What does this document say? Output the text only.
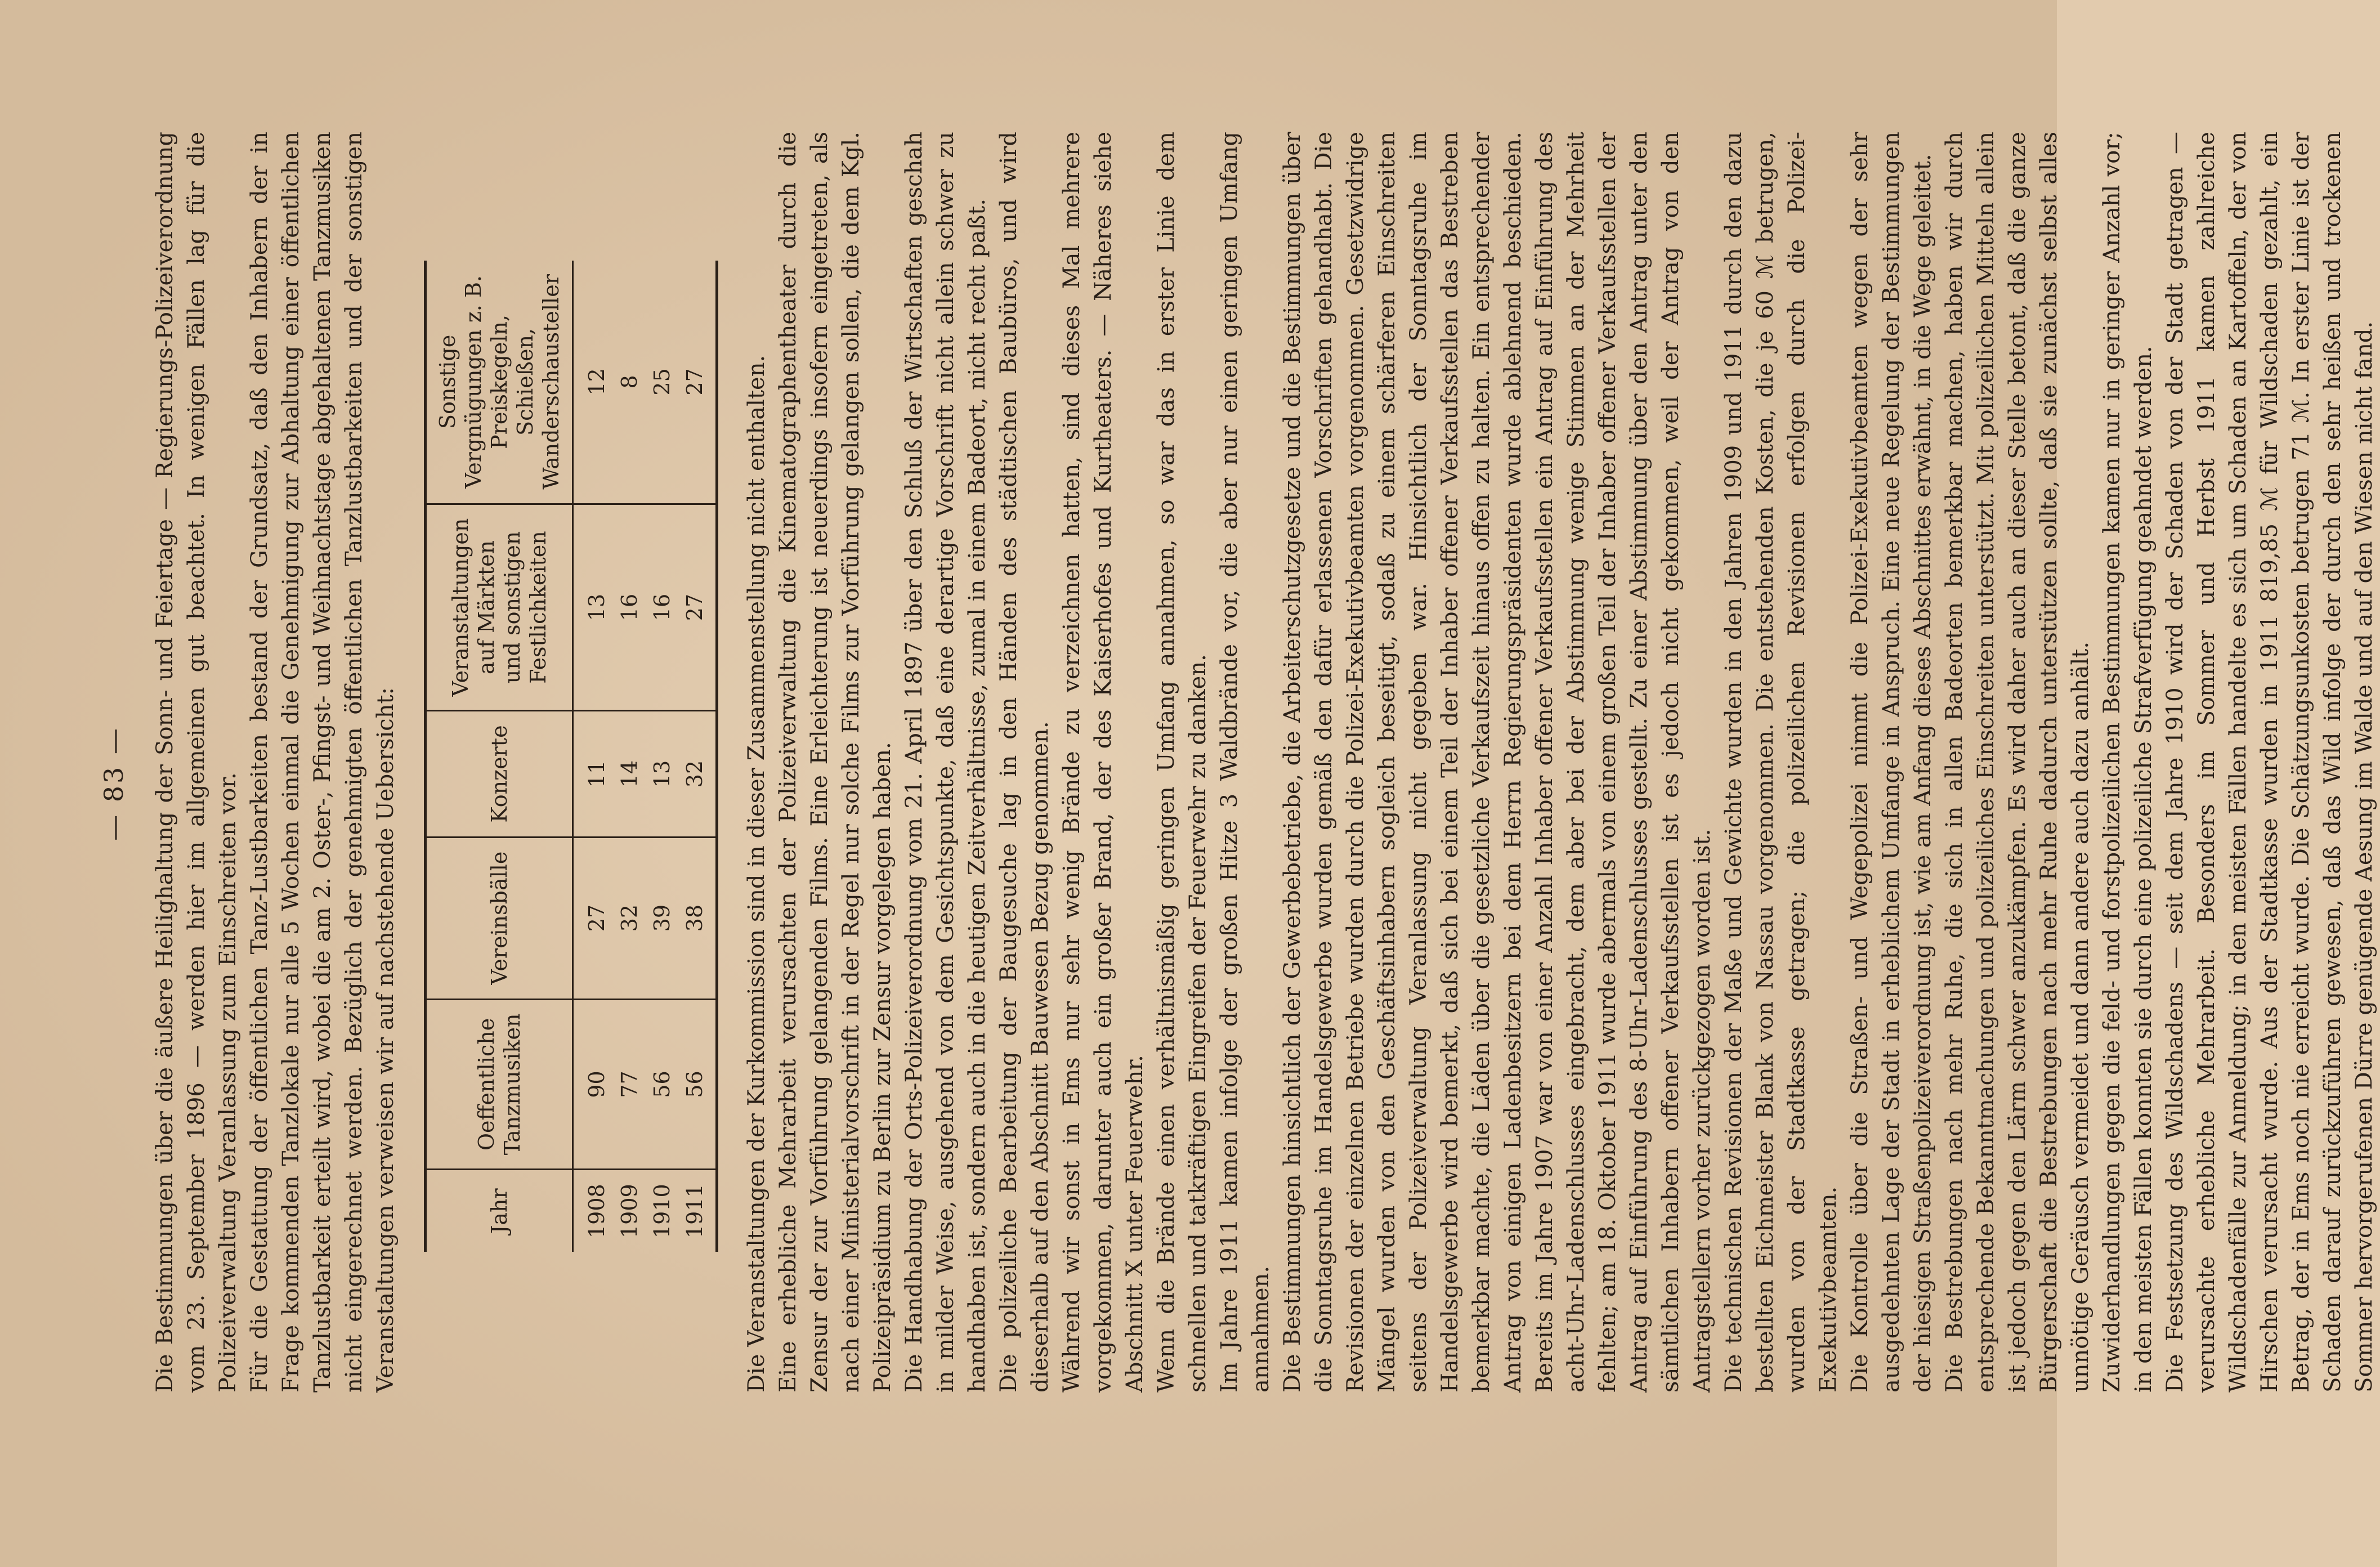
— 83 — Die Bestimmungen über die äußere Heilighaltung der Sonn- und Feiertage — Regierungs-Polizeiverordnung vom 23. September 1896 — werden hier im allgemeinen gut beachtet. In wenigen Fällen lag für die Polizeiverwaltung Veranlassung zum Einschreiten vor. Für die Gestattung der öffentlichen Tanz-Lustbarkeiten bestand der Grundsatz, daß den Inhabern der in Frage kommenden Tanzlokale nur alle 5 Wochen einmal die Genehmigung zur Abhaltung einer öffentlichen Tanzlustbarkeit erteilt wird, wobei die am 2. Oster-, Pfingst- und Weihnachtstage abgehaltenen Tanzmusiken nicht eingerechnet werden. Bezüglich der genehmigten öffentlichen Tanzlustbarkeiten und der sonstigen Veranstaltungen verweisen wir auf nachstehende Uebersicht:	Jahr	Oeffentliche Tanzmusiken	Vereinsbälle	Konzerte	Veranstaltungen auf Märkten und sonstigen Festlichkeiten	Sonstige Vergnügungen z. B. Preiskegeln, Schießen, Wanderschausteller
1908	90	27	11	13	12
1909	77	32	14	16	8
1910	56	39	13	16	25
1911	56	38	32	27	27 Die Veranstaltungen der Kurkommission sind in dieser Zusammenstellung nicht enthalten. Eine erhebliche Mehrarbeit verursachten der Polizeiverwaltung die Kinematographentheater durch die Zensur der zur Vorführung gelangenden Films. Eine Erleichterung ist neuerdings insofern eingetreten, als nach einer Ministerialvorschrift in der Regel nur solche Films zur Vorführung gelangen sollen, die dem Kgl. Polizeipräsidium zu Berlin zur Zensur vorgelegen haben. Die Handhabung der Orts-Polizeiverordnung vom 21. April 1897 über den Schluß der Wirtschaften geschah in milder Weise, ausgehend von dem Gesichtspunkte, daß eine derartige Vorschrift nicht allein schwer zu handhaben ist, sondern auch in die heutigen Zeitverhältnisse, zumal in einem Badeort, nicht recht paßt. Die polizeiliche Bearbeitung der Baugesuche lag in den Händen des städtischen Baubüros, und wird dieserhalb auf den Abschnitt Bauwesen Bezug genommen. Während wir sonst in Ems nur sehr wenig Brände zu verzeichnen hatten, sind dieses Mal mehrere vorgekommen, darunter auch ein großer Brand, der des Kaiserhofes und Kurtheaters. — Näheres siehe Abschnitt X unter Feuerwehr. Wenn die Brände einen verhältnismäßig geringen Umfang annahmen, so war das in erster Linie dem schnellen und tatkräftigen Eingreifen der Feuerwehr zu danken. Im Jahre 1911 kamen infolge der großen Hitze 3 Waldbrände vor, die aber nur einen geringen Umfang annahmen. Die Bestimmungen hinsichtlich der Gewerbebetriebe, die Arbeiterschutzgesetze und die Bestimmungen über die Sonntagsruhe im Handelsgewerbe wurden gemäß den dafür erlassenen Vorschriften gehandhabt. Die Revisionen der einzelnen Betriebe wurden durch die Polizei-Exekutivbeamten vorgenommen. Gesetzwidrige Mängel wurden von den Geschäftsinhabern sogleich beseitigt, sodaß zu einem schärferen Einschreiten seitens der Polizeiverwaltung Veranlassung nicht gegeben war. Hinsichtlich der Sonntagsruhe im Handelsgewerbe wird bemerkt, daß sich bei einem Teil der Inhaber offener Verkaufsstellen das Bestreben bemerkbar machte, die Läden über die gesetzliche Verkaufszeit hinaus offen zu halten. Ein entsprechender Antrag von einigen Ladenbesitzern bei dem Herrn Regierungspräsidenten wurde ablehnend beschieden. Bereits im Jahre 1907 war von einer Anzahl Inhaber offener Verkaufsstellen ein Antrag auf Einführung des acht-Uhr-Ladenschlusses eingebracht, dem aber bei der Abstimmung wenige Stimmen an der Mehrheit fehlten; am 18. Oktober 1911 wurde abermals von einem großen Teil der Inhaber offener Verkaufsstellen der Antrag auf Einführung des 8-Uhr-Ladenschlusses gestellt. Zu einer Abstimmung über den Antrag unter den sämtlichen Inhabern offener Verkaufsstellen ist es jedoch nicht gekommen, weil der Antrag von den Antragstellern vorher zurückgezogen worden ist. Die technischen Revisionen der Maße und Gewichte wurden in den Jahren 1909 und 1911 durch den dazu bestellten Eichmeister Blank von Nassau vorgenommen. Die entstehenden Kosten, die je 60 ℳ betrugen, wurden von der Stadtkasse getragen; die polizeilichen Revisionen erfolgen durch die Polizei-Exekutivbeamten. Die Kontrolle über die Straßen- und Wegepolizei nimmt die Polizei-Exekutivbeamten wegen der sehr ausgedehnten Lage der Stadt in erheblichem Umfange in Anspruch. Eine neue Regelung der Bestimmungen der hiesigen Straßenpolizeiverordnung ist, wie am Anfang dieses Abschnittes erwähnt, in die Wege geleitet. Die Bestrebungen nach mehr Ruhe, die sich in allen Badeorten bemerkbar machen, haben wir durch entsprechende Bekanntmachungen und polizeiliches Einschreiten unterstützt. Mit polizeilichen Mitteln allein ist jedoch gegen den Lärm schwer anzukämpfen. Es wird daher auch an dieser Stelle betont, daß die ganze Bürgerschaft die Bestrebungen nach mehr Ruhe dadurch unterstützen sollte, daß sie zunächst selbst alles unnötige Geräusch vermeidet und dann andere auch dazu anhält. Zuwiderhandlungen gegen die feld- und forstpolizeilichen Bestimmungen kamen nur in geringer Anzahl vor; in den meisten Fällen konnten sie durch eine polizeiliche Strafverfügung geahndet werden. Die Festsetzung des Wildschadens — seit dem Jahre 1910 wird der Schaden von der Stadt getragen — verursachte erhebliche Mehrarbeit. Besonders im Sommer und Herbst 1911 kamen zahlreiche Wildschadenfälle zur Anmeldung; in den meisten Fällen handelte es sich um Schaden an Kartoffeln, der von Hirschen verursacht wurde. Aus der Stadtkasse wurden in 1911 819,85 ℳ für Wildschaden gezahlt, ein Betrag, der in Ems noch nie erreicht wurde. Die Schätzungsunkosten betrugen 71 ℳ. In erster Linie ist der Schaden darauf zurückzuführen gewesen, daß das Wild infolge der durch den sehr heißen und trockenen Sommer hervorgerufenen Dürre genügende Aesung im Walde und auf den Wiesen nicht fand.
